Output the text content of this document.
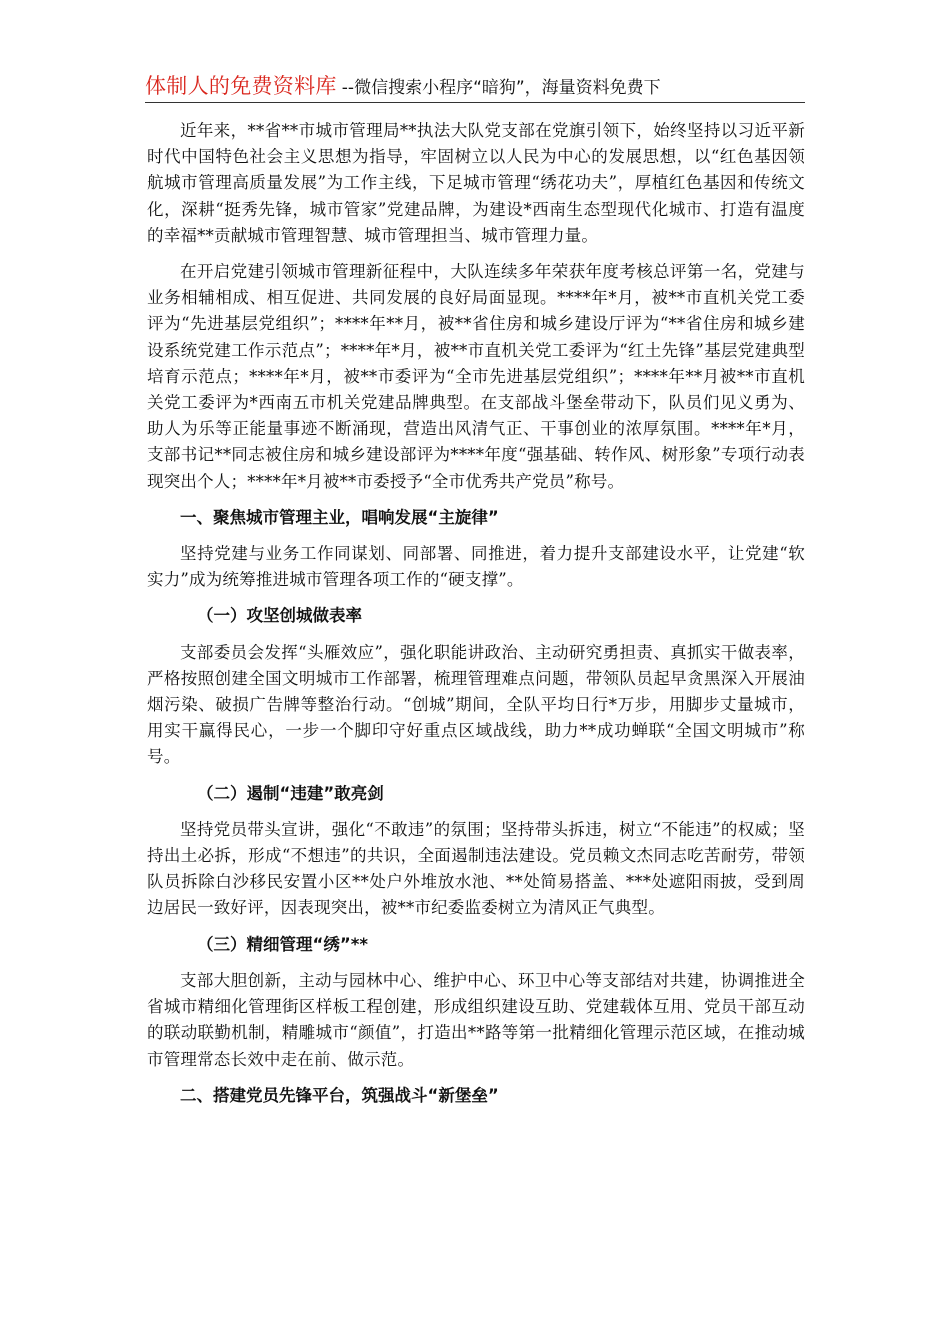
体制人的免费资料库 --微信搜索小程序“暗狗”，海量资料免费下

近年来，**省**市城市管理局**执法大队党支部在党旗引领下，始终坚持以习近平新时代中国特色社会主义思想为指导，牢固树立以人民为中心的发展思想，以“红色基因领航城市管理高质量发展”为工作主线，下足城市管理“绣花功夫”，厚植红色基因和传统文化，深耕“挺秀先锋，城市管家”党建品牌，为建设*西南生态型现代化城市、打造有温度的幸福**贡献城市管理智慧、城市管理担当、城市管理力量。

在开启党建引领城市管理新征程中，大队连续多年荣获年度考核总评第一名，党建与业务相辅相成、相互促进、共同发展的良好局面显现。****年*月，被**市直机关党工委评为“先进基层党组织”；****年**月，被**省住房和城乡建设厅评为“**省住房和城乡建设系统党建工作示范点”；****年*月，被**市直机关党工委评为“红土先锋”基层党建典型培育示范点；****年*月，被**市委评为“全市先进基层党组织”；****年**月被**市直机关党工委评为*西南五市机关党建品牌典型。在支部战斗堡垒带动下，队员们见义勇为、助人为乐等正能量事迹不断涌现，营造出风清气正、干事创业的浓厚氛围。****年*月，支部书记**同志被住房和城乡建设部评为****年度“强基础、转作风、树形象”专项行动表现突出个人；****年*月被**市委授予“全市优秀共产党员”称号。

一、聚焦城市管理主业，唱响发展“主旋律”

坚持党建与业务工作同谋划、同部署、同推进，着力提升支部建设水平，让党建“软实力”成为统筹推进城市管理各项工作的“硬支撑”。

（一）攻坚创城做表率

支部委员会发挥“头雁效应”，强化职能讲政治、主动研究勇担责、真抓实干做表率，严格按照创建全国文明城市工作部署，梳理管理难点问题，带领队员起早贪黑深入开展油烟污染、破损广告牌等整治行动。“创城”期间，全队平均日行*万步，用脚步丈量城市，用实干赢得民心，一步一个脚印守好重点区域战线，助力**成功蝉联“全国文明城市”称号。

（二）遏制“违建”敢亮剑

坚持党员带头宣讲，强化“不敢违”的氛围；坚持带头拆违，树立“不能违”的权威；坚持出土必拆，形成“不想违”的共识，全面遏制违法建设。党员赖文杰同志吃苦耐劳，带领队员拆除白沙移民安置小区**处户外堆放水池、**处简易搭盖、***处遮阳雨披，受到周边居民一致好评，因表现突出，被**市纪委监委树立为清风正气典型。

（三）精细管理“绣”**

支部大胆创新，主动与园林中心、维护中心、环卫中心等支部结对共建，协调推进全省城市精细化管理街区样板工程创建，形成组织建设互助、党建载体互用、党员干部互动的联动联勤机制，精雕城市“颜值”，打造出**路等第一批精细化管理示范区域，在推动城市管理常态长效中走在前、做示范。

二、搭建党员先锋平台，筑强战斗“新堡垒”
